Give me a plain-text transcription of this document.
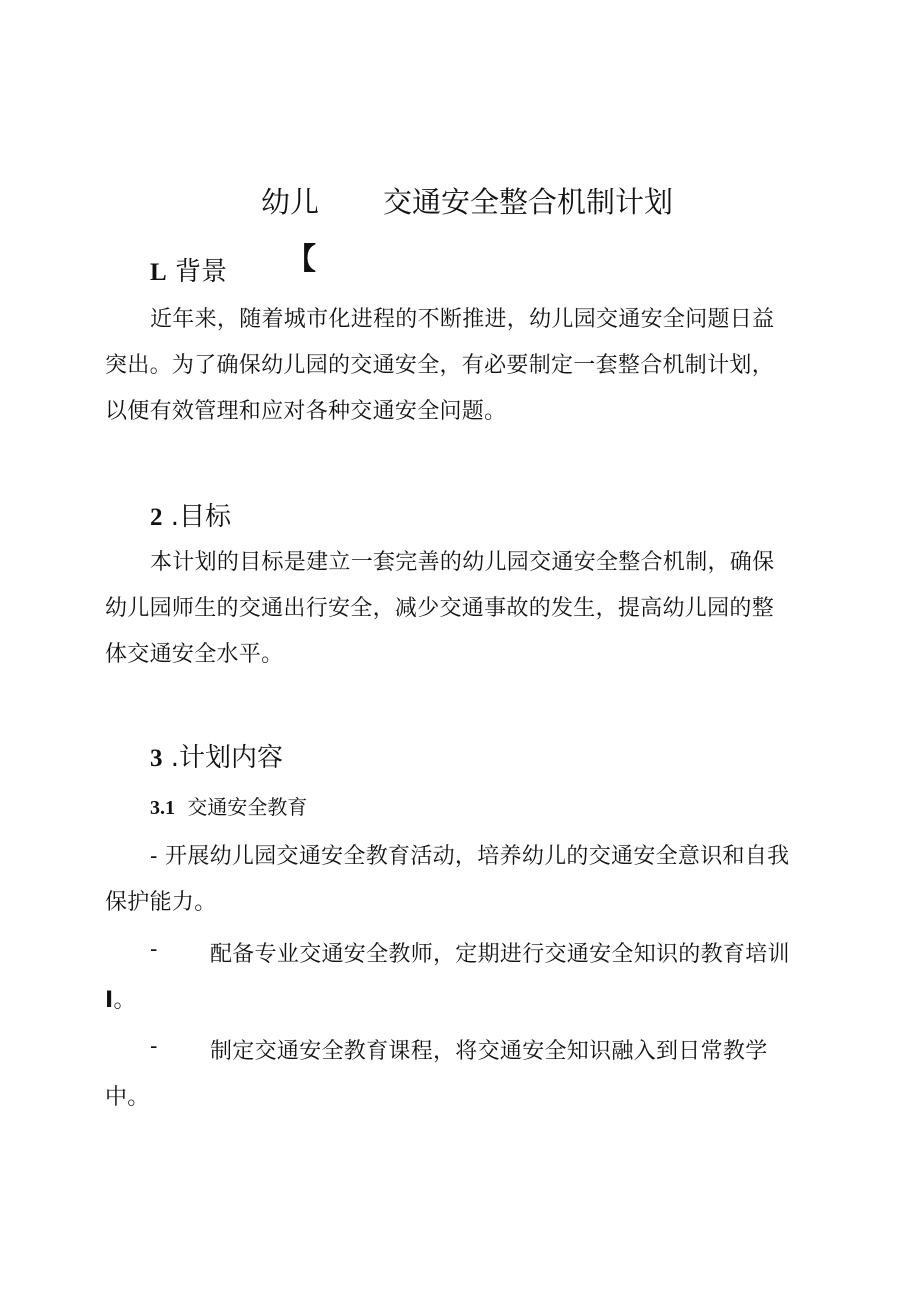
幼儿 交通安全整合机制计划
【
L 背景
近年来，随着城市化进程的不断推进，幼儿园交通安全问题日益
突出。为了确保幼儿园的交通安全，有必要制定一套整合机制计划，
以便有效管理和应对各种交通安全问题。
2 .目标
本计划的目标是建立一套完善的幼儿园交通安全整合机制，确保
幼儿园师生的交通出行安全，减少交通事故的发生，提高幼儿园的整
体交通安全水平。
3 .计划内容
3.1 交通安全教育
- 开展幼儿园交通安全教育活动，培养幼儿的交通安全意识和自我
保护能力。
- 配备专业交通安全教师，定期进行交通安全知识的教育培训
I。
- 制定交通安全教育课程，将交通安全知识融入到日常教学
中。
